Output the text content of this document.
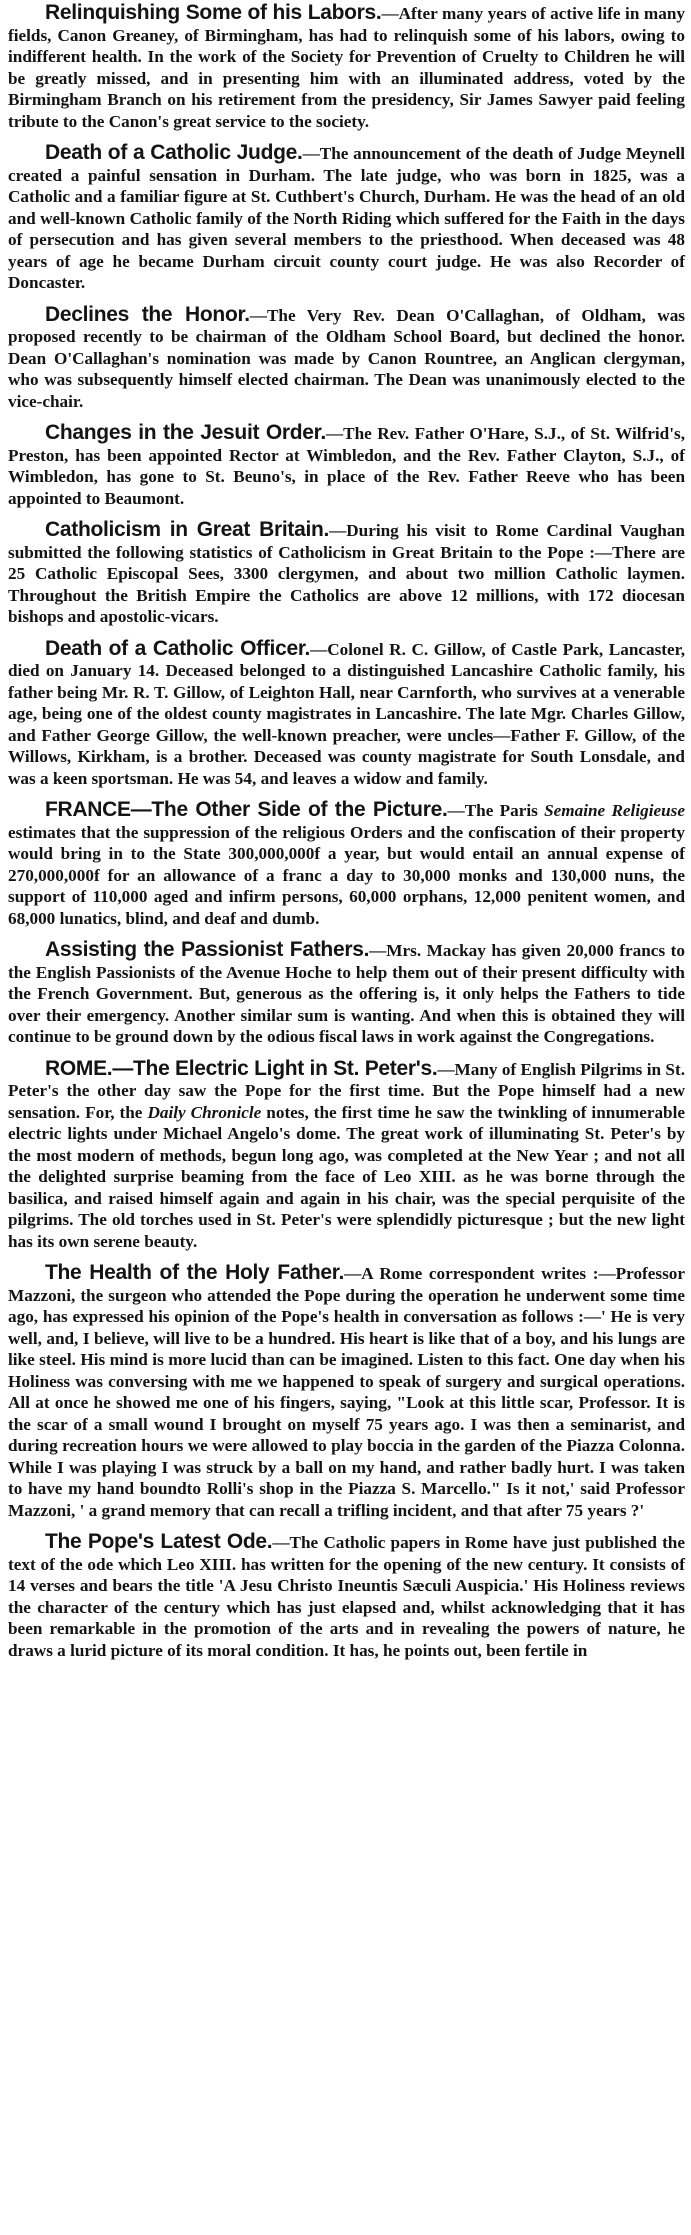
Relinquishing Some of his Labors.—After many years of active life in many fields, Canon Greaney, of Birmingham, has had to relinquish some of his labors, owing to indifferent health. In the work of the Society for Prevention of Cruelty to Children he will be greatly missed, and in presenting him with an illuminated address, voted by the Birmingham Branch on his retirement from the presidency, Sir James Sawyer paid feeling tribute to the Canon's great service to the society.

Death of a Catholic Judge.—The announcement of the death of Judge Meynell created a painful sensation in Durham. The late judge, who was born in 1825, was a Catholic and a familiar figure at St. Cuthbert's Church, Durham. He was the head of an old and well-known Catholic family of the North Riding which suffered for the Faith in the days of persecution and has given several members to the priesthood. When deceased was 48 years of age he became Durham circuit county court judge. He was also Recorder of Doncaster.

Declines the Honor.—The Very Rev. Dean O'Callaghan, of Oldham, was proposed recently to be chairman of the Oldham School Board, but declined the honor. Dean O'Callaghan's nomination was made by Canon Rountree, an Anglican clergyman, who was subsequently himself elected chairman. The Dean was unanimously elected to the vice-chair.

Changes in the Jesuit Order.—The Rev. Father O'Hare, S.J., of St. Wilfrid's, Preston, has been appointed Rector at Wimbledon, and the Rev. Father Clayton, S.J., of Wimbledon, has gone to St. Beuno's, in place of the Rev. Father Reeve who has been appointed to Beaumont.

Catholicism in Great Britain.—During his visit to Rome Cardinal Vaughan submitted the following statistics of Catholicism in Great Britain to the Pope :—There are 25 Catholic Episcopal Sees, 3300 clergymen, and about two million Catholic laymen. Throughout the British Empire the Catholics are above 12 millions, with 172 diocesan bishops and apostolic-vicars.

Death of a Catholic Officer.—Colonel R. C. Gillow, of Castle Park, Lancaster, died on January 14. Deceased belonged to a distinguished Lancashire Catholic family, his father being Mr. R. T. Gillow, of Leighton Hall, near Carnforth, who survives at a venerable age, being one of the oldest county magistrates in Lancashire. The late Mgr. Charles Gillow, and Father George Gillow, the well-known preacher, were uncles—Father F. Gillow, of the Willows, Kirkham, is a brother. Deceased was county magistrate for South Lonsdale, and was a keen sportsman. He was 54, and leaves a widow and family.

FRANCE—The Other Side of the Picture.—The Paris Semaine Religieuse estimates that the suppression of the religious Orders and the confiscation of their property would bring in to the State 300,000,000f a year, but would entail an annual expense of 270,000,000f for an allowance of a franc a day to 30,000 monks and 130,000 nuns, the support of 110,000 aged and infirm persons, 60,000 orphans, 12,000 penitent women, and 68,000 lunatics, blind, and deaf and dumb.

Assisting the Passionist Fathers.—Mrs. Mackay has given 20,000 francs to the English Passionists of the Avenue Hoche to help them out of their present difficulty with the French Government. But, generous as the offering is, it only helps the Fathers to tide over their emergency. Another similar sum is wanting. And when this is obtained they will continue to be ground down by the odious fiscal laws in work against the Congregations.

ROME.—The Electric Light in St. Peter's.—Many of English Pilgrims in St. Peter's the other day saw the Pope for the first time. But the Pope himself had a new sensation. For, the Daily Chronicle notes, the first time he saw the twinkling of innumerable electric lights under Michael Angelo's dome. The great work of illuminating St. Peter's by the most modern of methods, begun long ago, was completed at the New Year ; and not all the delighted surprise beaming from the face of Leo XIII. as he was borne through the basilica, and raised himself again and again in his chair, was the special perquisite of the pilgrims. The old torches used in St. Peter's were splendidly picturesque ; but the new light has its own serene beauty.

The Health of the Holy Father.—A Rome correspondent writes :—Professor Mazzoni, the surgeon who attended the Pope during the operation he underwent some time ago, has expressed his opinion of the Pope's health in conversation as follows :—' He is very well, and, I believe, will live to be a hundred. His heart is like that of a boy, and his lungs are like steel. His mind is more lucid than can be imagined. Listen to this fact. One day when his Holiness was conversing with me we happened to speak of surgery and surgical operations. All at once he showed me one of his fingers, saying, "Look at this little scar, Professor. It is the scar of a small wound I brought on myself 75 years ago. I was then a seminarist, and during recreation hours we were allowed to play boccia in the garden of the Piazza Colonna. While I was playing I was struck by a ball on my hand, and rather badly hurt. I was taken to have my hand boundto Rolli's shop in the Piazza S. Marcello." Is it not,' said Professor Mazzoni, ' a grand memory that can recall a trifling incident, and that after 75 years ?'

The Pope's Latest Ode.—The Catholic papers in Rome have just published the text of the ode which Leo XIII. has written for the opening of the new century. It consists of 14 verses and bears the title 'A Jesu Christo Ineuntis Sæculi Auspicia.' His Holiness reviews the character of the century which has just elapsed and, whilst acknowledging that it has been remarkable in the promotion of the arts and in revealing the powers of nature, he draws a lurid picture of its moral condition. It has, he points out, been fertile in
